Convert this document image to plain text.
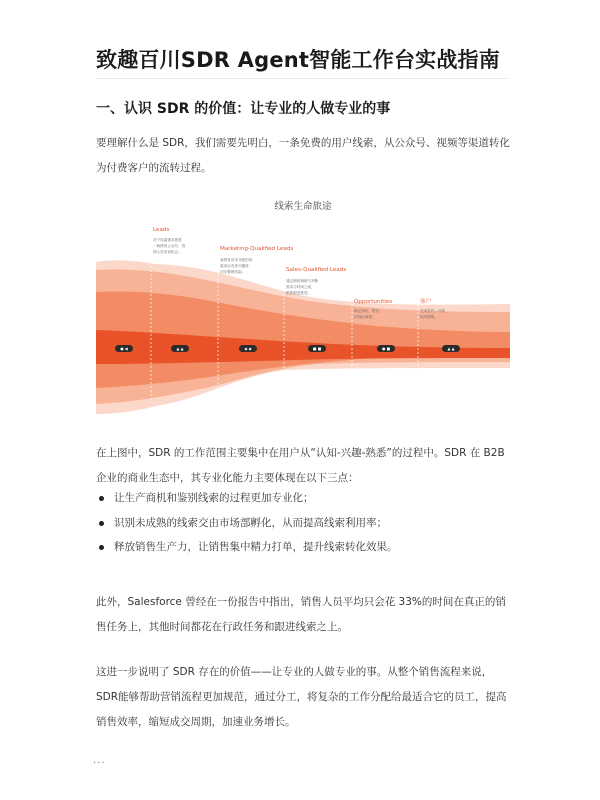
致趣百川SDR Agent智能工作台实战指南
一、认识 SDR 的价值：让专业的人做专业的事

要理解什么是 SDR，我们需要先明白，一条免费的用户线索，从公众号、视频等渠道转化为付费客户的流转过程。

线索生命旅途
Leads
对于线索需求意愿
一般使用公众号，管
理人员培训机会。	Marketing-Qualified Leads
表明有初步分配的线
索项目或者兴趣度，
初步整理线索。	Sales-Qualified Leads
通过商机调研与判断
需求与时间之间，
销售跟进推进。
Opportunities
确定商机，报价，
招投标流程。
客户
完成签约，付款，
续约增购。
● ◀	▲ ▲	◆ ◆	■ ■	● ■	▲ ▲

在上图中，SDR 的工作范围主要集中在用户从“认知-兴趣-熟悉”的过程中。SDR 在 B2B 企业的商业生态中，其专业化能力主要体现在以下三点：

让生产商机和鉴别线索的过程更加专业化；
识别未成熟的线索交由市场部孵化，从而提高线索利用率；
释放销售生产力，让销售集中精力打单，提升线索转化效果。

此外，Salesforce 曾经在一份报告中指出，销售人员平均只会花 33%的时间在真正的销售任务上，其他时间都花在行政任务和跟进线索之上。

这进一步说明了 SDR 存在的价值——让专业的人做专业的事。从整个销售流程来说，SDR能够帮助营销流程更加规范，通过分工，将复杂的工作分配给最适合它的员工，提高销售效率，缩短成交周期，加速业务增长。

···
